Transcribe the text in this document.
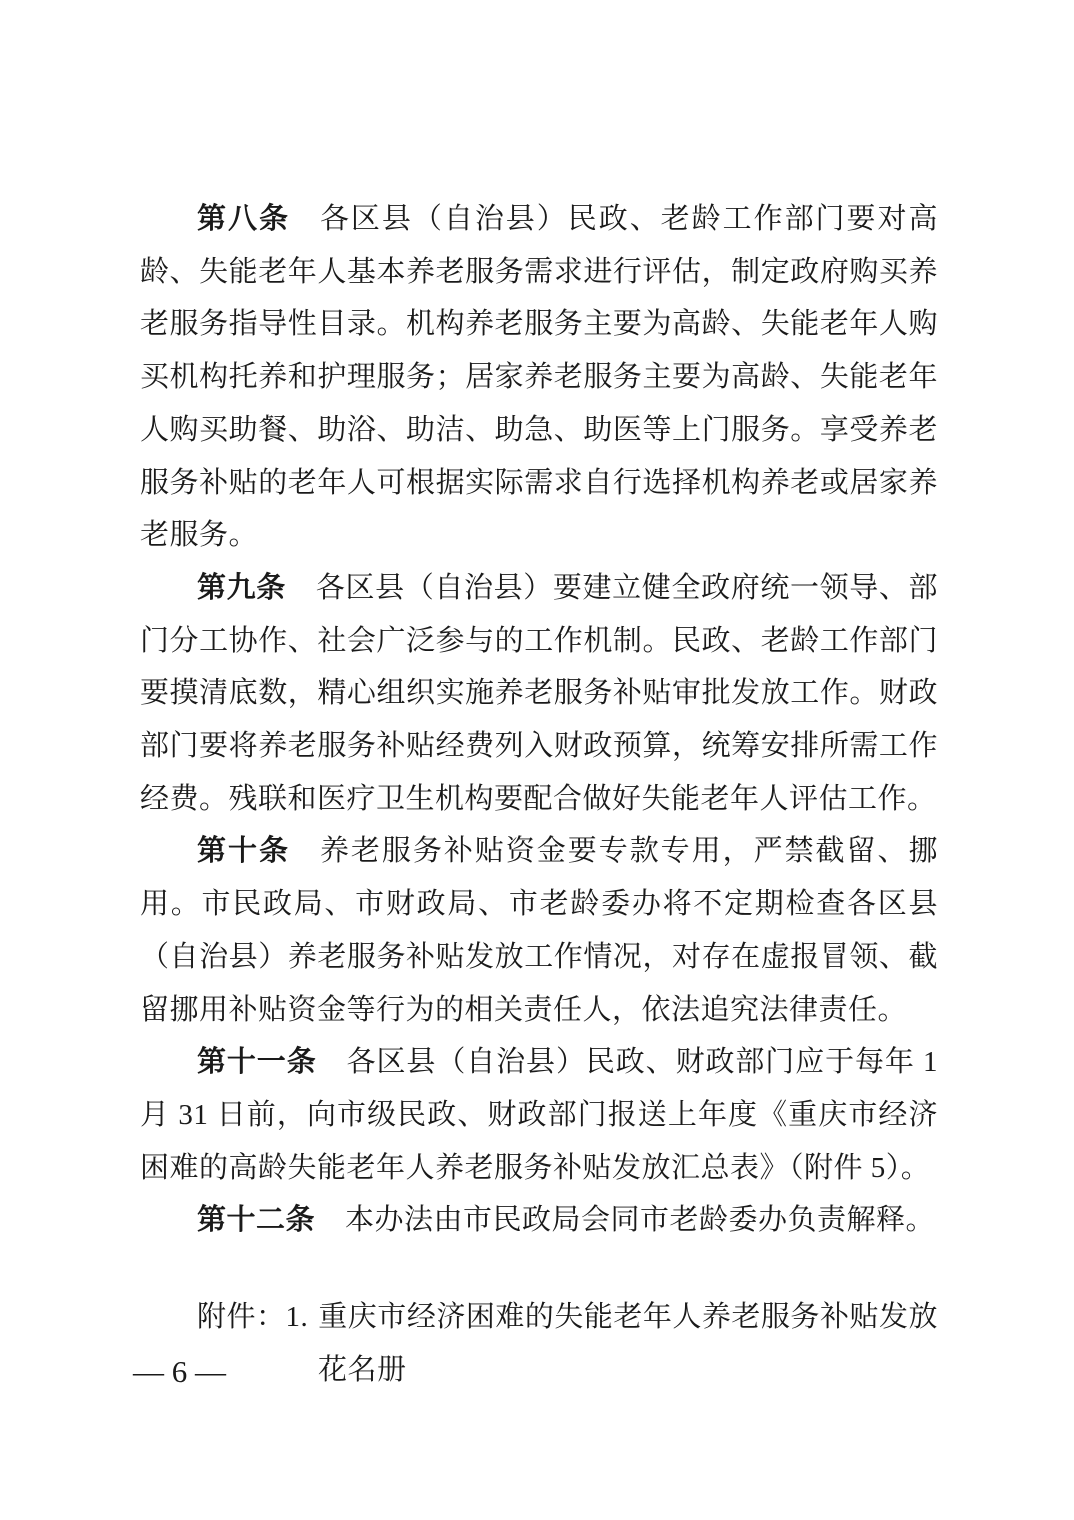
第八条 各区县（自治县）民政、老龄工作部门要对高龄、失能老年人基本养老服务需求进行评估，制定政府购买养老服务指导性目录。机构养老服务主要为高龄、失能老年人购买机构托养和护理服务；居家养老服务主要为高龄、失能老年人购买助餐、助浴、助洁、助急、助医等上门服务。享受养老服务补贴的老年人可根据实际需求自行选择机构养老或居家养老服务。

第九条 各区县（自治县）要建立健全政府统一领导、部门分工协作、社会广泛参与的工作机制。民政、老龄工作部门要摸清底数，精心组织实施养老服务补贴审批发放工作。财政部门要将养老服务补贴经费列入财政预算，统筹安排所需工作经费。残联和医疗卫生机构要配合做好失能老年人评估工作。

第十条 养老服务补贴资金要专款专用，严禁截留、挪用。市民政局、市财政局、市老龄委办将不定期检查各区县（自治县）养老服务补贴发放工作情况，对存在虚报冒领、截留挪用补贴资金等行为的相关责任人，依法追究法律责任。

第十一条 各区县（自治县）民政、财政部门应于每年 1 月 31 日前，向市级民政、财政部门报送上年度《重庆市经济困难的高龄失能老年人养老服务补贴发放汇总表》（附件 5）。

第十二条 本办法由市民政局会同市老龄委办负责解释。

附件：1. 重庆市经济困难的失能老年人养老服务补贴发放花名册
— 6 —
